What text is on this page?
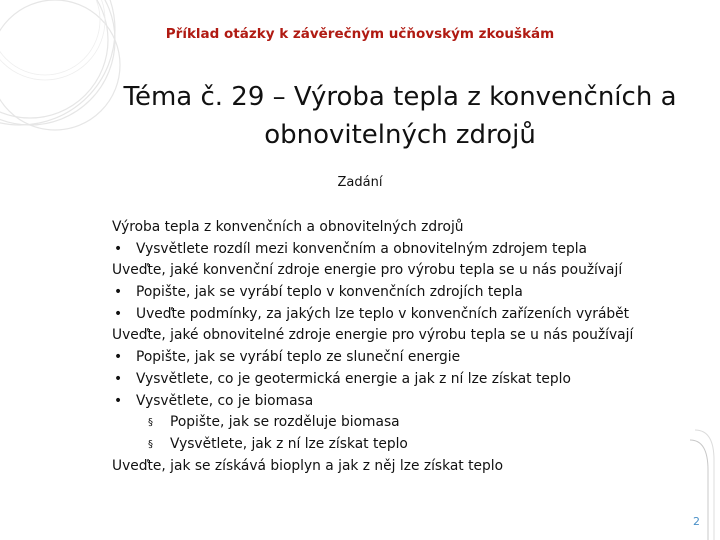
Příklad otázky k závěrečným učňovským zkouškám
Téma č. 29 – Výroba tepla z konvenčních a
obnovitelných zdrojů
Zadání
Výroba tepla z konvenčních a obnovitelných zdrojů
•	Vysvětlete rozdíl mezi konvenčním a obnovitelným zdrojem tepla
Uveďte, jaké konvenční zdroje energie pro výrobu tepla se u nás používají
•	Popište, jak se vyrábí teplo v konvenčních zdrojích tepla
•	Uveďte podmínky, za jakých lze teplo v konvenčních zařízeních vyrábět
Uveďte, jaké obnovitelné zdroje energie pro výrobu tepla se u nás používají
•	Popište, jak se vyrábí teplo ze sluneční energie
•	Vysvětlete, co je geotermická energie a jak z ní lze získat teplo
•	Vysvětlete, co je biomasa
§	Popište, jak se rozděluje biomasa
§	Vysvětlete, jak z ní lze získat teplo
Uveďte, jak se získává bioplyn a jak z něj lze získat teplo
2
